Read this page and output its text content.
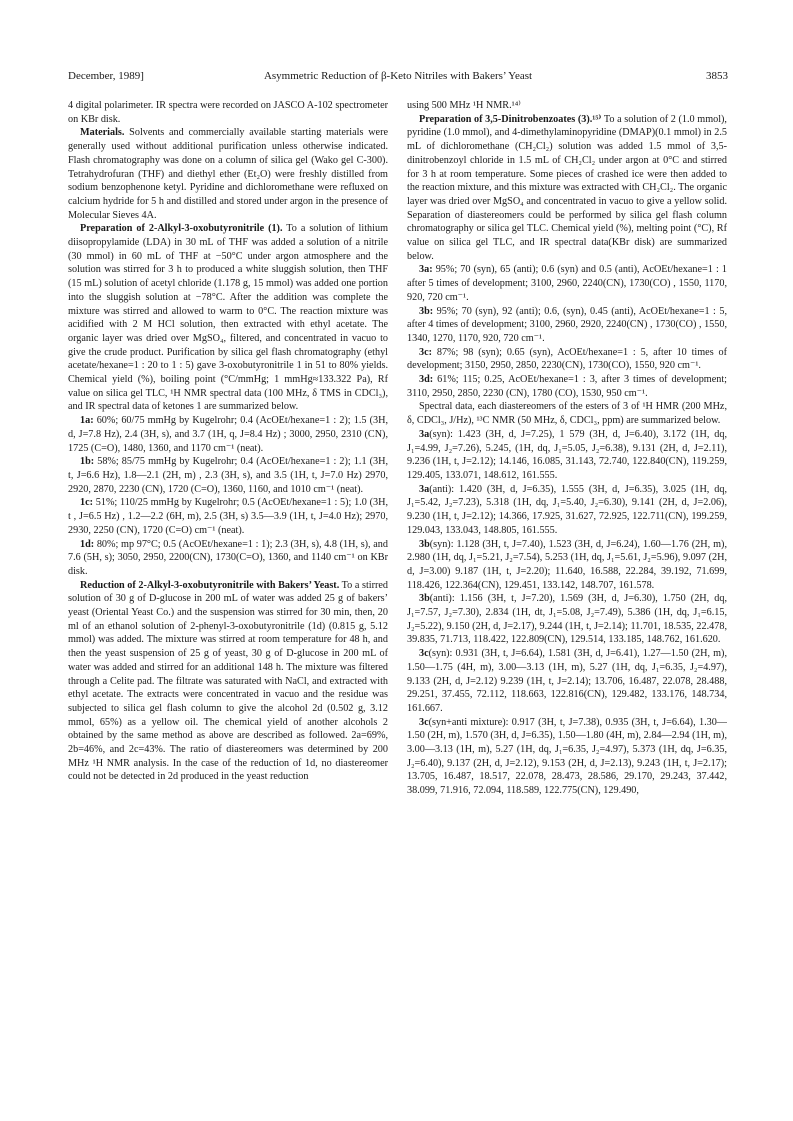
December, 1989]	Asymmetric Reduction of β-Keto Nitriles with Bakers’ Yeast	3853

4 digital polarimeter. IR spectra were recorded on JASCO A-102 spectrometer on KBr disk.

Materials. Solvents and commercially available starting materials were generally used without additional purification unless otherwise indicated. Flash chromatography was done on a column of silica gel (Wako gel C-300). Tetrahydrofuran (THF) and diethyl ether (Et₂O) were freshly distilled from sodium benzophenone ketyl. Pyridine and dichloromethane were refluxed on calcium hydride for 5 h and distilled and stored under argon in the presence of Molecular Sieves 4A.

Preparation of 2-Alkyl-3-oxobutyronitrile (1). To a solution of lithium diisopropylamide (LDA) in 30 mL of THF was added a solution of a nitrile (30 mmol) in 60 mL of THF at −50°C under argon atmosphere and the solution was stirred for 3 h to produced a white sluggish solution, then THF (15 mL) solution of acetyl chloride (1.178 g, 15 mmol) was added one portion into the sluggish solution at −78°C. After the addition was complete the mixture was stirred and allowed to warm to 0°C. The reaction mixture was acidified with 2 M HCl solution, then extracted with ethyl acetate. The organic layer was dried over MgSO₄, filtered, and concentrated in vacuo to give the crude product. Purification by silica gel flash chromatography (ethyl acetate/hexane=1 : 20 to 1 : 5) gave 3-oxobutyronitrile 1 in 51 to 80% yields. Chemical yield (%), boiling point (°C/mmHg; 1 mmHg≈133.322 Pa), Rf value on silica gel TLC, ¹H NMR spectral data (100 MHz, δ TMS in CDCl₃), and IR spectral data of ketones 1 are summarized below.

1a: 60%; 60/75 mmHg by Kugelrohr; 0.4 (AcOEt/hexane=1 : 2); 1.5 (3H, d, J=7.8 Hz), 2.4 (3H, s), and 3.7 (1H, q, J=8.4 Hz) ; 3000, 2950, 2310 (CN), 1725 (C=O), 1480, 1360, and 1170 cm⁻¹ (neat).

1b: 58%; 85/75 mmHg by Kugelrohr; 0.4 (AcOEt/hexane=1 : 2); 1.1 (3H, t, J=6.6 Hz), 1.8—2.1 (2H, m) , 2.3 (3H, s), and 3.5 (1H, t, J=7.0 Hz) 2970, 2920, 2870, 2230 (CN), 1720 (C=O), 1360, 1160, and 1010 cm⁻¹ (neat).

1c: 51%; 110/25 mmHg by Kugelrohr; 0.5 (AcOEt/hexane=1 : 5); 1.0 (3H, t , J=6.5 Hz) , 1.2—2.2 (6H, m), 2.5 (3H, s) 3.5—3.9 (1H, t, J=4.0 Hz); 2970, 2930, 2250 (CN), 1720 (C=O) cm⁻¹ (neat).

1d: 80%; mp 97°C; 0.5 (AcOEt/hexane=1 : 1); 2.3 (3H, s), 4.8 (1H, s), and 7.6 (5H, s); 3050, 2950, 2200(CN), 1730(C=O), 1360, and 1140 cm⁻¹ on KBr disk.

Reduction of 2-Alkyl-3-oxobutyronitrile with Bakers’ Yeast. To a stirred solution of 30 g of D-glucose in 200 mL of water was added 25 g of bakers’ yeast (Oriental Yeast Co.) and the suspension was stirred for 30 min, then, 20 ml of an ethanol solution of 2-phenyl-3-oxobutyronitrile (1d) (0.815 g, 5.12 mmol) was added. The mixture was stirred at room temperature for 48 h, and then the yeast suspension of 25 g of yeast, 30 g of D-glucose in 200 mL of water was added and stirred for an additional 148 h. The mixture was filtered through a Celite pad. The filtrate was saturated with NaCl, and extracted with ethyl acetate. The extracts were concentrated in vacuo and the residue was subjected to silica gel flash column to give the alcohol 2d (0.502 g, 3.12 mmol, 65%) as a yellow oil. The chemical yield of another alcohols 2 obtained by the same method as above are described as followed. 2a=69%, 2b=46%, and 2c=43%. The ratio of diastereomers was determined by 200 MHz ¹H NMR analysis. In the case of the reduction of 1d, no diastereomer could not be detected in 2d produced in the yeast reduction

using 500 MHz ¹H NMR.¹⁴⁾

Preparation of 3,5-Dinitrobenzoates (3).¹⁵⁾ To a solution of 2 (1.0 mmol), pyridine (1.0 mmol), and 4-dimethylaminopyridine (DMAP)(0.1 mmol) in 2.5 mL of dichloromethane (CH₂Cl₂) solution was added 1.5 mmol of 3,5-dinitrobenzoyl chloride in 1.5 mL of CH₂Cl₂ under argon at 0°C and stirred for 3 h at room temperature. Some pieces of crashed ice were then added to the reaction mixture, and this mixture was extracted with CH₂Cl₂. The organic layer was dried over MgSO₄ and concentrated in vacuo to give a yellow solid. Separation of diastereomers could be performed by silica gel flash column chromatography or silica gel TLC. Chemical yield (%), melting point (°C), Rf value on silica gel TLC, and IR spectral data(KBr disk) are summarized below.

3a: 95%; 70 (syn), 65 (anti); 0.6 (syn) and 0.5 (anti), AcOEt/hexane=1 : 1 after 5 times of development; 3100, 2960, 2240(CN), 1730(CO) , 1550, 1170, 920, 720 cm⁻¹.

3b: 95%; 70 (syn), 92 (anti); 0.6, (syn), 0.45 (anti), AcOEt/hexane=1 : 5, after 4 times of development; 3100, 2960, 2920, 2240(CN) , 1730(CO) , 1550, 1340, 1270, 1170, 920, 720 cm⁻¹.

3c: 87%; 98 (syn); 0.65 (syn), AcOEt/hexane=1 : 5, after 10 times of development; 3150, 2950, 2850, 2230(CN), 1730(CO), 1550, 920 cm⁻¹.

3d: 61%; 115; 0.25, AcOEt/hexane=1 : 3, after 3 times of development; 3110, 2950, 2850, 2230 (CN), 1780 (CO), 1530, 950 cm⁻¹.

Spectral data, each diastereomers of the esters of 3 of ¹H HMR (200 MHz, δ, CDCl₃, J/Hz), ¹³C NMR (50 MHz, δ, CDCl₃, ppm) are summarized below.

3a(syn): 1.423 (3H, d, J=7.25), 1 579 (3H, d, J=6.40), 3.172 (1H, dq, J₁=4.99, J₂=7.26), 5.245, (1H, dq, J₁=5.05, J₂=6.38), 9.131 (2H, d, J=2.11), 9.236 (1H, t, J=2.12); 14.146, 16.085, 31.143, 72.740, 122.840(CN), 119.259, 129.405, 133.071, 148.612, 161.555.

3a(anti): 1.420 (3H, d, J=6.35), 1.555 (3H, d, J=6.35), 3.025 (1H, dq, J₁=5.42, J₂=7.23), 5.318 (1H, dq, J₁=5.40, J₂=6.30), 9.141 (2H, d, J=2.06), 9.230 (1H, t, J=2.12); 14.366, 17.925, 31.627, 72.925, 122.711(CN), 199.259, 129.043, 133.043, 148.805, 161.555.

3b(syn): 1.128 (3H, t, J=7.40), 1.523 (3H, d, J=6.24), 1.60—1.76 (2H, m), 2.980 (1H, dq, J₁=5.21, J₂=7.54), 5.253 (1H, dq, J₁=5.61, J₂=5.96), 9.097 (2H, d, J=3.00) 9.187 (1H, t, J=2.20); 11.640, 16.588, 22.284, 39.192, 71.699, 118.426, 122.364(CN), 129.451, 133.142, 148.707, 161.578.

3b(anti): 1.156 (3H, t, J=7.20), 1.569 (3H, d, J=6.30), 1.750 (2H, dq, J₁=7.57, J₂=7.30), 2.834 (1H, dt, J₁=5.08, J₂=7.49), 5.386 (1H, dq, J₁=6.15, J₂=5.22), 9.150 (2H, d, J=2.17), 9.244 (1H, t, J=2.14); 11.701, 18.535, 22.478, 39.835, 71.713, 118.422, 122.809(CN), 129.514, 133.185, 148.762, 161.620.

3c(syn): 0.931 (3H, t, J=6.64), 1.581 (3H, d, J=6.41), 1.27—1.50 (2H, m), 1.50—1.75 (4H, m), 3.00—3.13 (1H, m), 5.27 (1H, dq, J₁=6.35, J₂=4.97), 9.133 (2H, d, J=2.12) 9.239 (1H, t, J=2.14); 13.706, 16.487, 22.078, 28.488, 29.251, 37.455, 72.112, 118.663, 122.816(CN), 129.482, 133.176, 148.734, 161.667.

3c(syn+anti mixture): 0.917 (3H, t, J=7.38), 0.935 (3H, t, J=6.64), 1.30—1.50 (2H, m), 1.570 (3H, d, J=6.35), 1.50—1.80 (4H, m), 2.84—2.94 (1H, m), 3.00—3.13 (1H, m), 5.27 (1H, dq, J₁=6.35, J₂=4.97), 5.373 (1H, dq, J=6.35, J₂=6.40), 9.137 (2H, d, J=2.12), 9.153 (2H, d, J=2.13), 9.243 (1H, t, J=2.17); 13.705, 16.487, 18.517, 22.078, 28.473, 28.586, 29.170, 29.243, 37.442, 38.099, 71.916, 72.094, 118.589, 122.775(CN), 129.490,
